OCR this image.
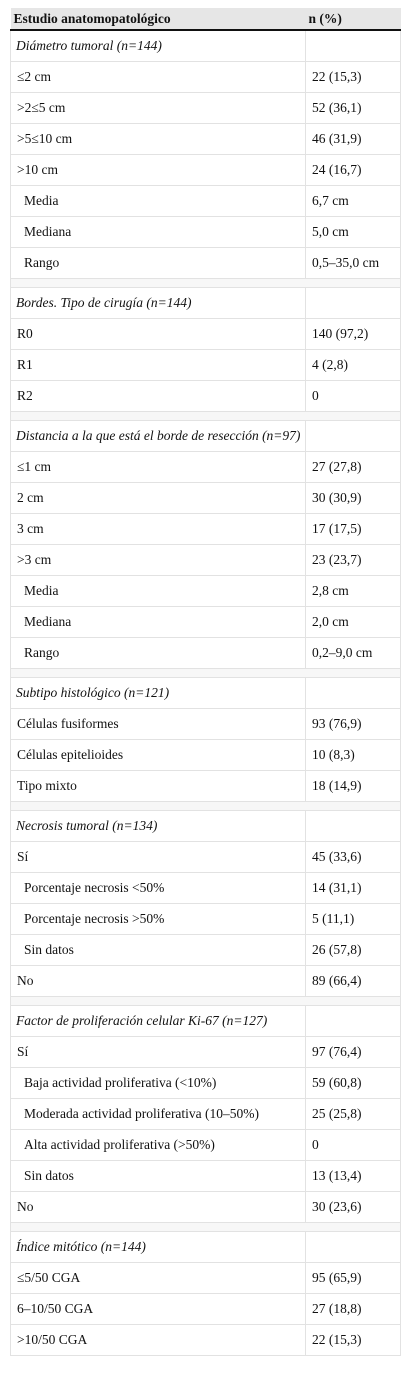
Estudio anatomopatológico	n (%)
Diámetro tumoral (n=144)	
≤2 cm	22 (15,3)
>2≤5 cm	52 (36,1)
>5≤10 cm	46 (31,9)
>10 cm	24 (16,7)
Media	6,7 cm
Mediana	5,0 cm
Rango	0,5–35,0 cm

Bordes. Tipo de cirugía (n=144)	
R0	140 (97,2)
R1	4 (2,8)
R2	0

Distancia a la que está el borde de resección (n=97)	
≤1 cm	27 (27,8)
2 cm	30 (30,9)
3 cm	17 (17,5)
>3 cm	23 (23,7)
Media	2,8 cm
Mediana	2,0 cm
Rango	0,2–9,0 cm

Subtipo histológico (n=121)	
Células fusiformes	93 (76,9)
Células epitelioides	10 (8,3)
Tipo mixto	18 (14,9)

Necrosis tumoral (n=134)	
Sí	45 (33,6)
Porcentaje necrosis <50%	14 (31,1)
Porcentaje necrosis >50%	5 (11,1)
Sin datos	26 (57,8)
No	89 (66,4)

Factor de proliferación celular Ki-67 (n=127)	
Sí	97 (76,4)
Baja actividad proliferativa (<10%)	59 (60,8)
Moderada actividad proliferativa (10–50%)	25 (25,8)
Alta actividad proliferativa (>50%)	0
Sin datos	13 (13,4)
No	30 (23,6)

Índice mitótico (n=144)	
≤5/50 CGA	95 (65,9)
6–10/50 CGA	27 (18,8)
>10/50 CGA	22 (15,3)
